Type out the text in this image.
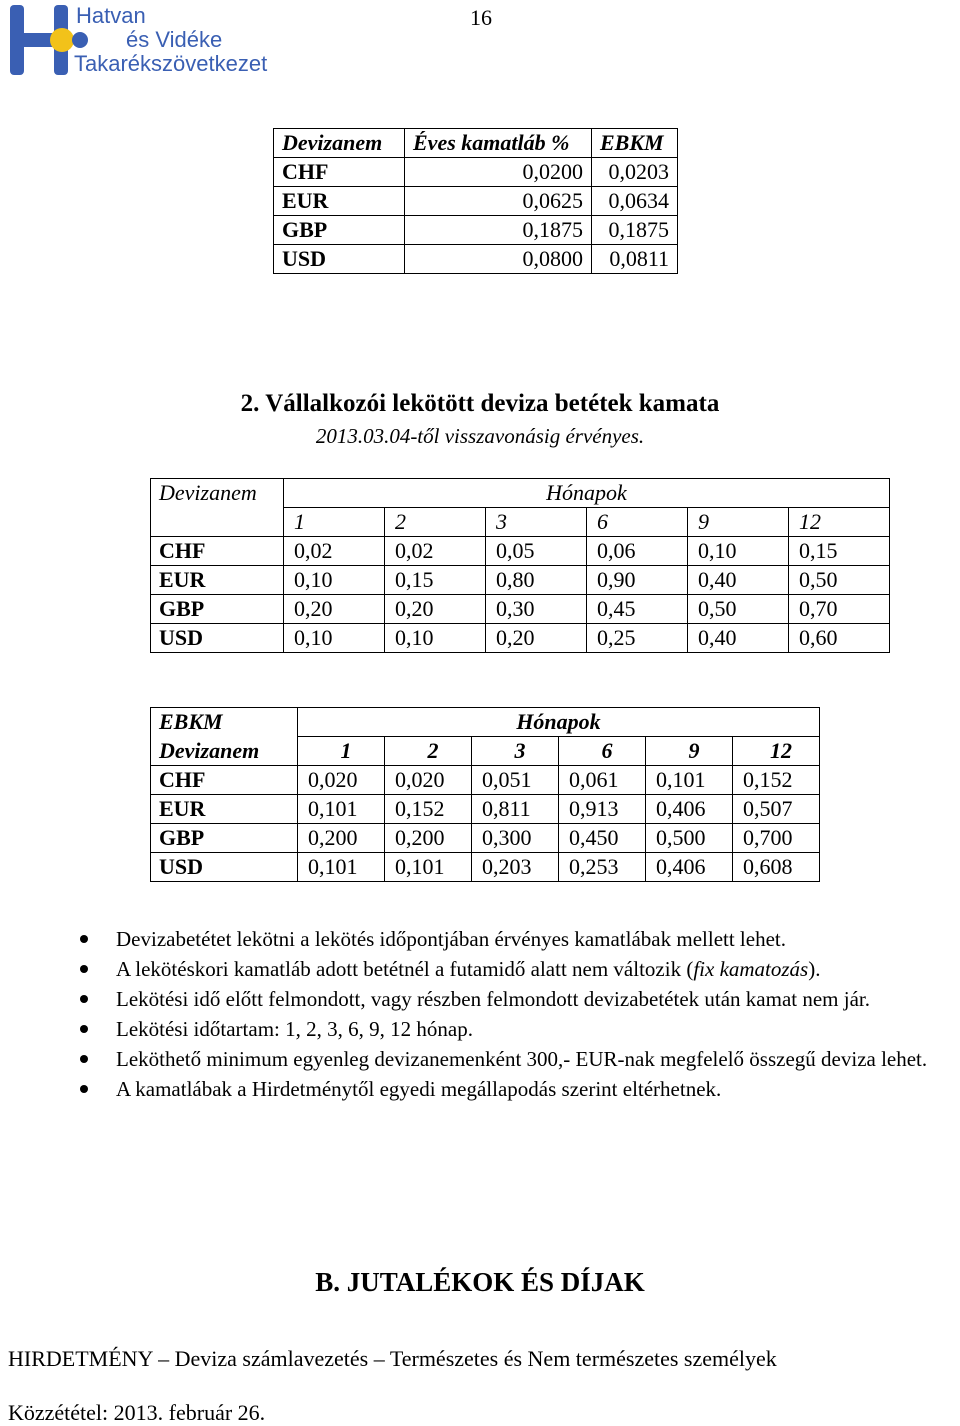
Hatvan
és Vidéke
Takarékszövetkezet
16
Devizanem	Éves kamatláb %	EBKM
CHF	0,0200	0,0203
EUR	0,0625	0,0634
GBP	0,1875	0,1875
USD	0,0800	0,0811
2. Vállalkozói lekötött deviza betétek kamata
2013.03.04-től visszavonásig érvényes.
Devizanem	Hónapok					
	1	2	3	6	9	12
CHF	0,02	0,02	0,05	0,06	0,10	0,15
EUR	0,10	0,15	0,80	0,90	0,40	0,50
GBP	0,20	0,20	0,30	0,45	0,50	0,70
USD	0,10	0,10	0,20	0,25	0,40	0,60
EBKM	Hónapok					
Devizanem	1	2	3	6	9	12
CHF	0,020	0,020	0,051	0,061	0,101	0,152
EUR	0,101	0,152	0,811	0,913	0,406	0,507
GBP	0,200	0,200	0,300	0,450	0,500	0,700
USD	0,101	0,101	0,203	0,253	0,406	0,608
Devizabetétet lekötni a lekötés időpontjában érvényes kamatlábak mellett lehet.
A lekötéskori kamatláb adott betétnél a futamidő alatt nem változik (fix kamatozás).
Lekötési idő előtt felmondott, vagy részben felmondott devizabetétek után kamat nem jár.
Lekötési időtartam: 1, 2, 3, 6, 9, 12 hónap.
Leköthető minimum egyenleg devizanemenként 300,- EUR-nak megfelelő összegű deviza lehet.
A kamatlábak a Hirdetménytől egyedi megállapodás szerint eltérhetnek.
B. JUTALÉKOK ÉS DÍJAK
HIRDETMÉNY – Deviza számlavezetés – Természetes és Nem természetes személyek
Közzététel: 2013. február 26.
